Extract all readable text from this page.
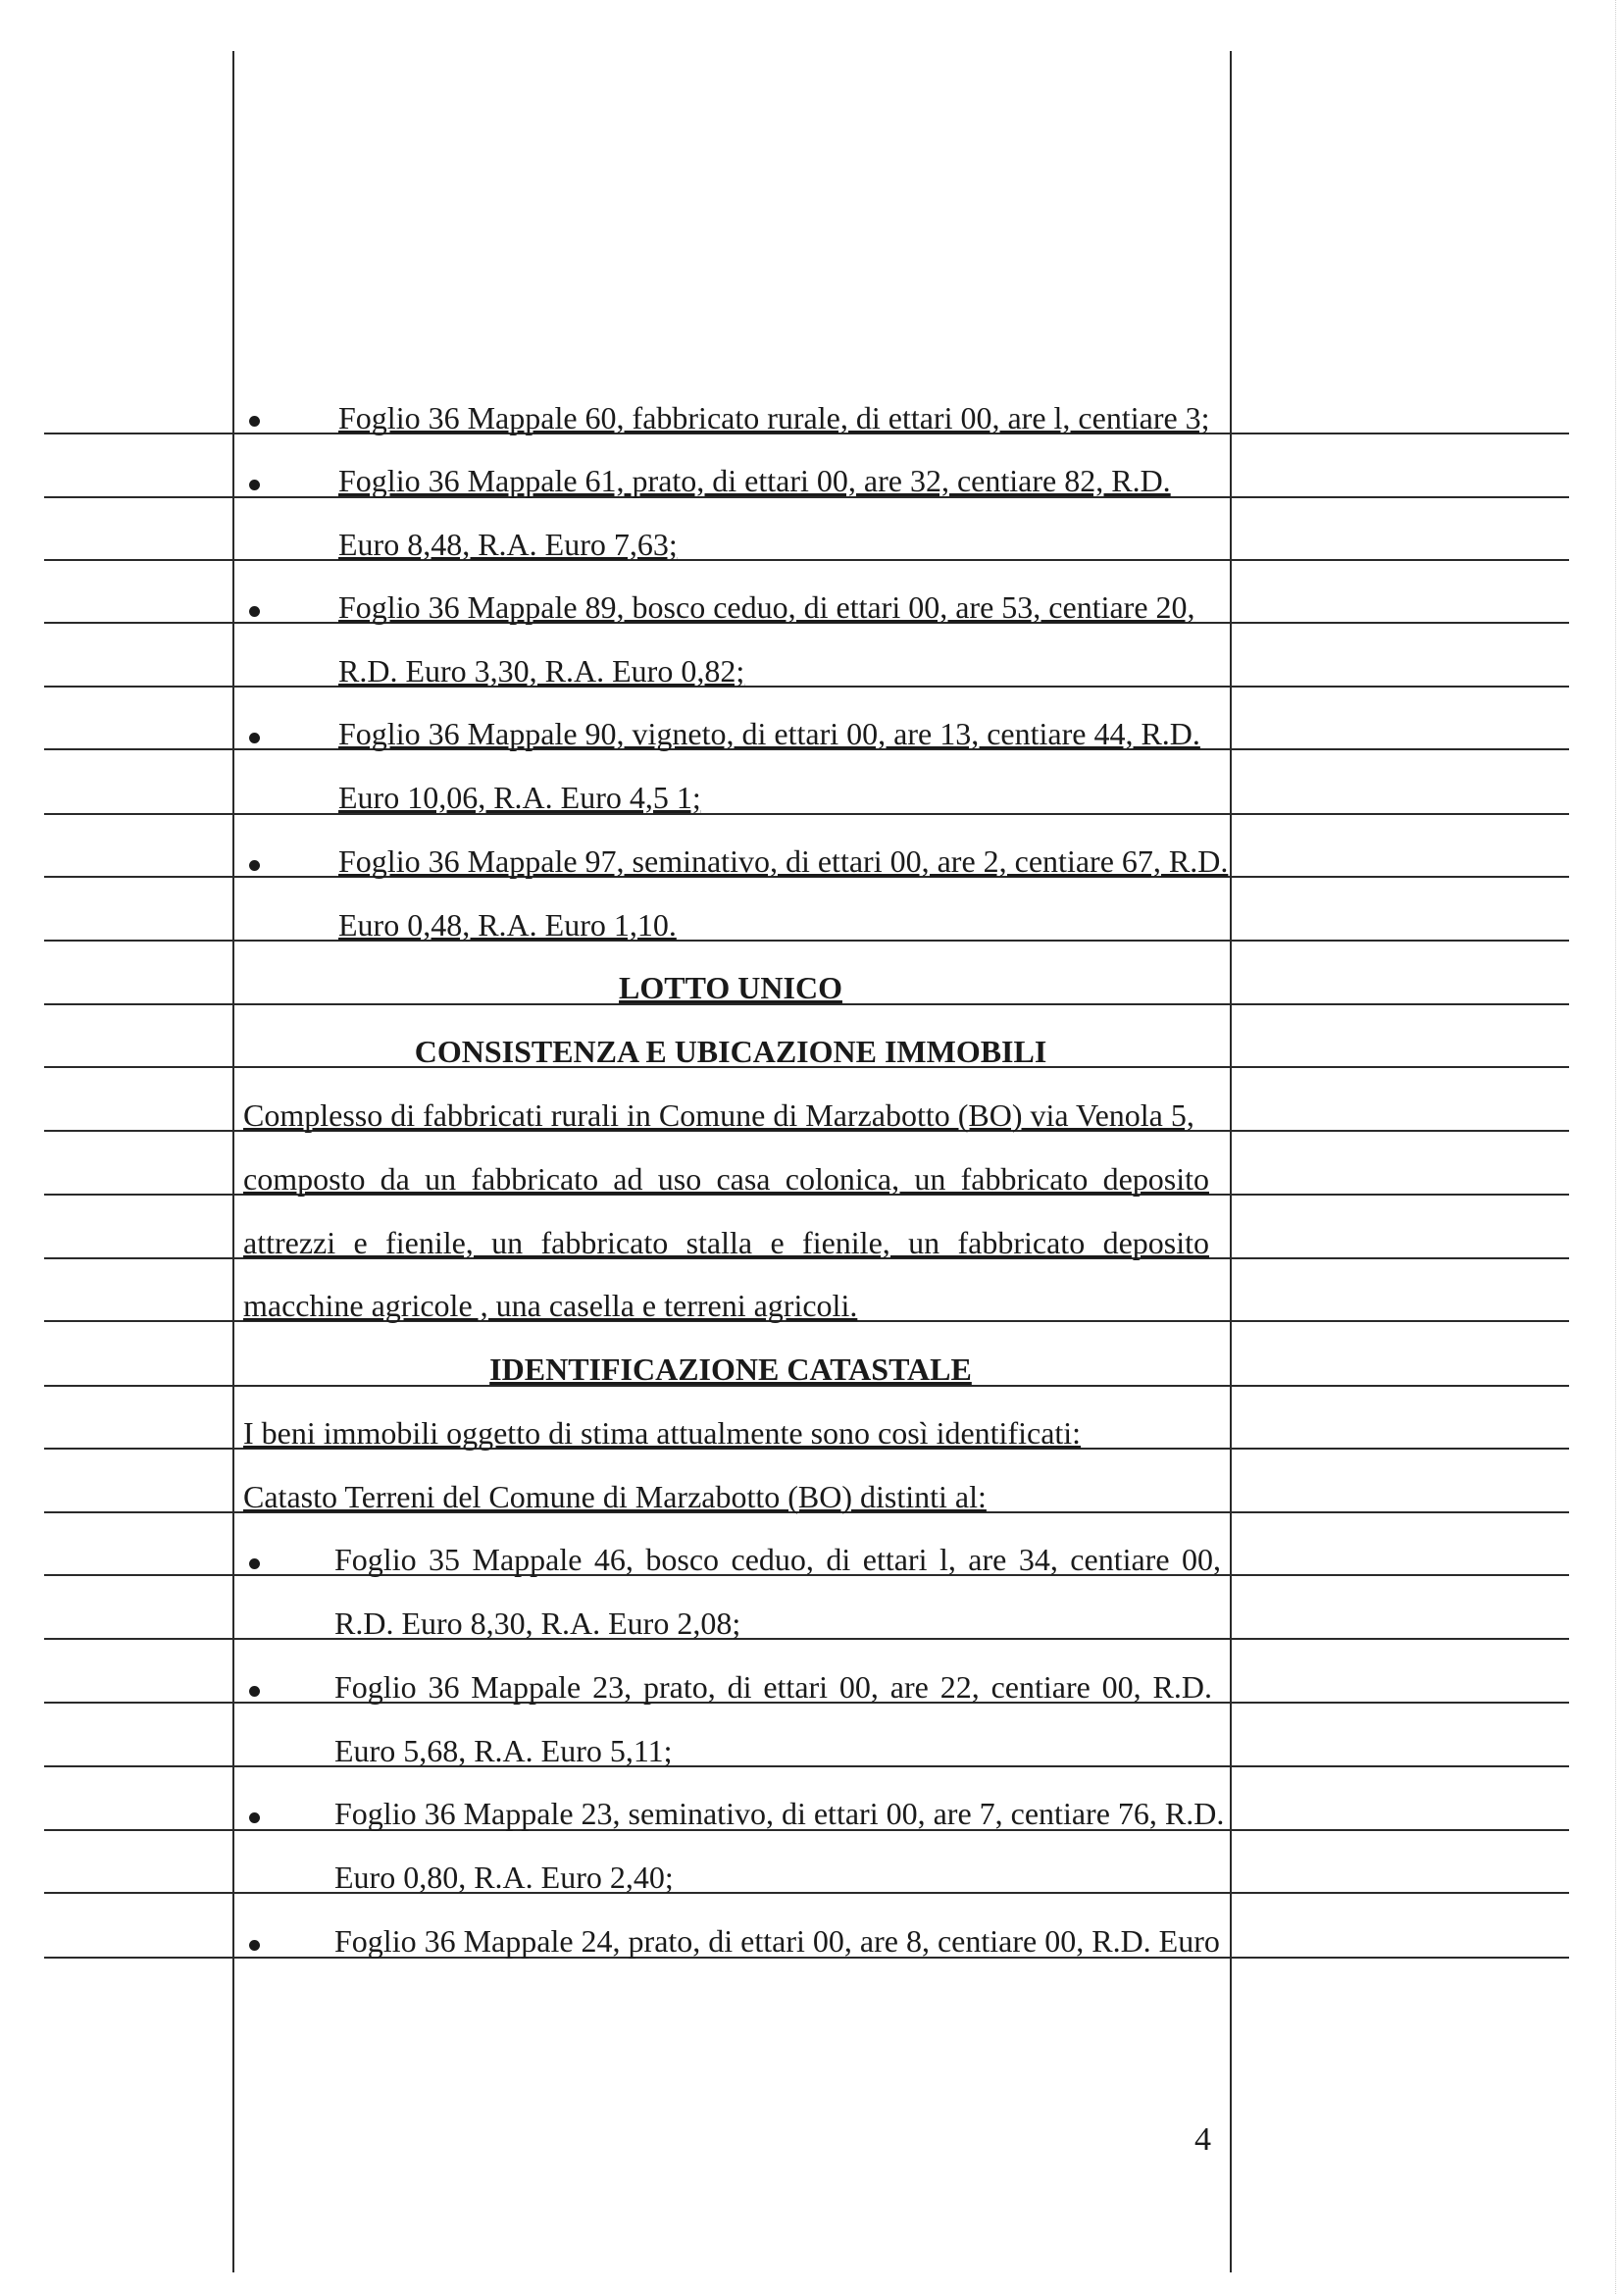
Foglio 36 Mappale 60, fabbricato rurale, di ettari 00, are l, centiare 3;
Foglio 36 Mappale 61, prato, di ettari 00, are 32, centiare 82, R.D.
Euro 8,48, R.A. Euro 7,63;
Foglio 36 Mappale 89, bosco ceduo, di ettari 00, are 53, centiare 20,
R.D. Euro 3,30, R.A. Euro 0,82;
Foglio 36 Mappale 90, vigneto, di ettari 00, are 13, centiare 44, R.D.
Euro 10,06, R.A. Euro 4,5 1;
Foglio 36 Mappale 97, seminativo, di ettari 00, are 2, centiare 67, R.D.
Euro 0,48, R.A. Euro 1,10.
LOTTO UNICO
CONSISTENZA E UBICAZIONE IMMOBILI
Complesso di fabbricati rurali in Comune di Marzabotto (BO) via Venola 5,
composto da un fabbricato ad uso casa colonica, un fabbricato deposito
attrezzi e fienile, un fabbricato stalla e fienile, un fabbricato deposito
macchine agricole , una casella e terreni agricoli.
IDENTIFICAZIONE CATASTALE
I beni immobili oggetto di stima attualmente sono così identificati:
Catasto Terreni del Comune di Marzabotto (BO) distinti al:
Foglio 35 Mappale 46, bosco ceduo, di ettari l, are 34, centiare 00,
R.D. Euro 8,30, R.A. Euro 2,08;
Foglio 36 Mappale 23, prato, di ettari 00, are 22, centiare 00, R.D.
Euro 5,68, R.A. Euro 5,11;
Foglio 36 Mappale 23, seminativo, di ettari 00, are 7, centiare 76, R.D.
Euro 0,80, R.A. Euro 2,40;
Foglio 36 Mappale 24, prato, di ettari 00, are 8, centiare 00, R.D. Euro
4
